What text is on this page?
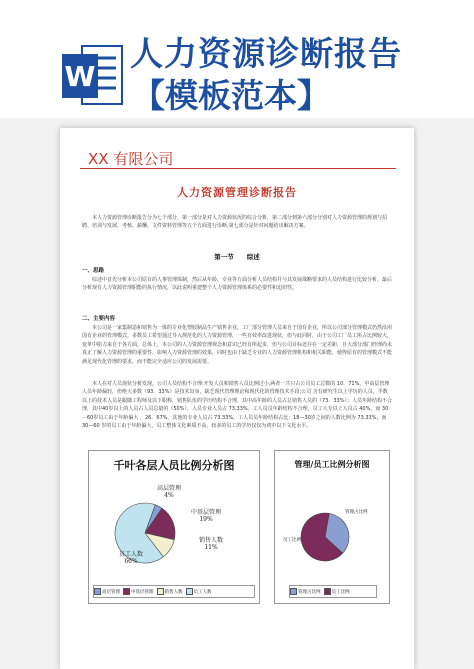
W
人力资源诊断报告
【模板范本】
XX 有限公司
人力资源管理诊断报告
本人力资源管理诊断报告分为七个部分，第一部分是对人力资源状况的综合分析，第二部分到第六部分分别对人力资源管理的规划与招聘、培训与发展、考核、薪酬、文件资料管理等五个方面进行诊断,第七部分是针对问题给出解决方案。
第一节　　综述
一、思路
综述中首先分析本公司原有的人事管理体制，然后从年龄、专业等方面分析人员结构并与其发展战略要求的人员结构进行比较分析，最后分析现有人力资源管理职能的执行情况，以此说明重建整个人力资源管理体系的必要性和迫切性。
二、主要内容
本公司是一家集制造和销售为一体的专业化塑胶制品生产销售企业，工厂部分管理人员来自于国有企业，所以公司部分管理模式仍然沿用国有企业的管理模式。多数员工希望通过导入规范化的人力资源管理，一些有效率改进现状，但与此同时，由于公司工厂员工所占比例较大，变革中阻力来自于各方面，总体上，本公司的人力资源管理观念和意识已经有所起步，但与公司目标还存在一定差距，且大部分部门经理尚未真正了解人力资源管理的重要性，影响人力资源管理的效果，同时也由于缺乏专业的人力资源管理机构和相关职能，使得原有的管理模式不能满足现代化管理的要求，而不能完全适应公司的发展需要。
本人在对人员现状分析发现，公司人员结构不合理:开发人员和销售人员比例过小,两者一共只占公司员工总数的 10．71%，中高层管理人员年龄偏轻，但绝大多数（93．33%）是技术出身，缺乏现代管理理论和现代化的管理技术手段;公司 含有研究生以上学历的人员，半数以上的技术人员是跟随工程师及以下职称，销售队伍的学历结构不合理，其中高年龄的人员占总销售人员的（73．33%）；人员年龄结构不合理，其中40岁以上的人员占人员总量的（50%），人员专业人员占 73.33%。工人员员年龄结构不合理，员工大专以上人员占 40%。而 30－60岁员工由于年龄偏大 ，26．67%。其他的专业人员占 73.33%，工人员员年龄结构占比：18—30岁之间的人数比例为 73.33%，而 30—60 岁的员工由于年龄偏大，员工整体文化素质不高，较多的员工的学历仅仅为初中以下文化水平。
千叶各层人员比例分析图
高层管理
4%
中基层管理
19%
销售人数
11%
员工人数
66%
高层管理 中基层管理 销售人数 员工人数
管理/员工比例分析图
管理占比例
员工比例
管理占比例 员工比例
